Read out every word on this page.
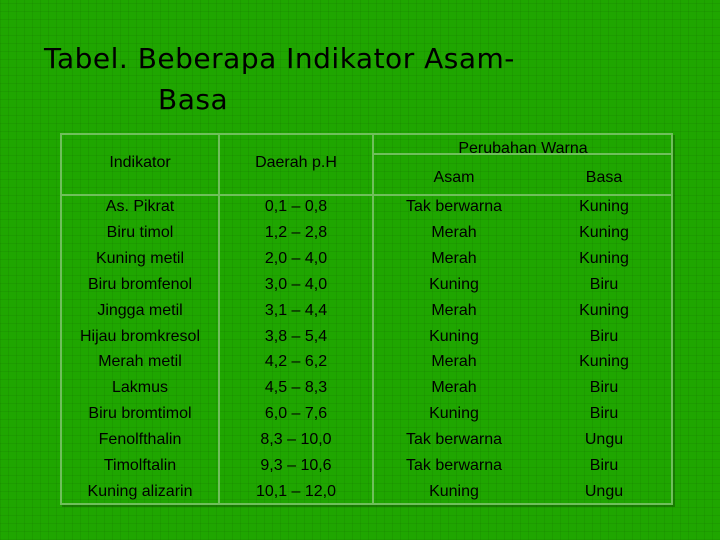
Tabel. Beberapa Indikator Asam-
Basa
Indikator	Daerah p.H
Perubahan Warna
Asam	Basa
As. Pikrat	0,1 – 0,8	Tak berwarna	Kuning
Biru timol	1,2 – 2,8	Merah	Kuning
Kuning metil	2,0 – 4,0	Merah	Kuning
Biru bromfenol	3,0 – 4,0	Kuning	Biru
Jingga metil	3,1 – 4,4	Merah	Kuning
Hijau bromkresol	3,8 – 5,4	Kuning	Biru
Merah metil	4,2 – 6,2	Merah	Kuning
Lakmus	4,5 – 8,3	Merah	Biru
Biru bromtimol	6,0 – 7,6	Kuning	Biru
Fenolfthalin	8,3 – 10,0	Tak berwarna	Ungu
Timolftalin	9,3 – 10,6	Tak berwarna	Biru
Kuning alizarin	10,1 – 12,0	Kuning	Ungu
